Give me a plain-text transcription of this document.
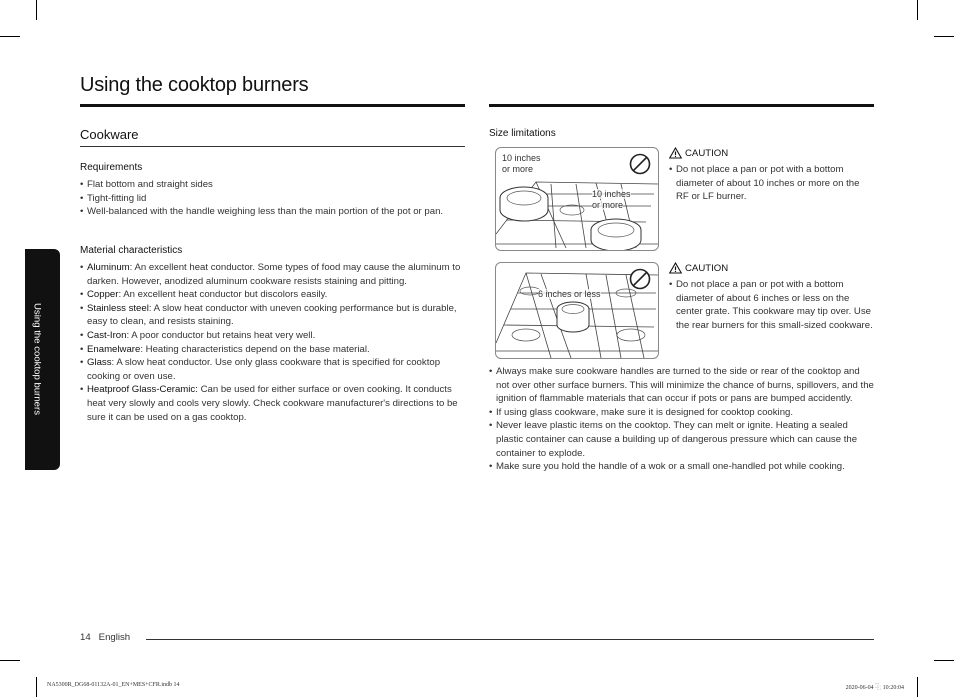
Using the cooktop burners
Using the cooktop burners
Cookware
Requirements
• Flat bottom and straight sides
• Tight-fitting lid
• Well-balanced with the handle weighing less than the main portion of the pot or pan.
Material characteristics
• Aluminum: An excellent heat conductor. Some types of food may cause the aluminum to darken. However, anodized aluminum cookware resists staining and pitting.
• Copper: An excellent heat conductor but discolors easily.
• Stainless steel: A slow heat conductor with uneven cooking performance but is durable, easy to clean, and resists staining.
• Cast-Iron: A poor conductor but retains heat very well.
• Enamelware: Heating characteristics depend on the base material.
• Glass: A slow heat conductor. Use only glass cookware that is specified for cooktop cooking or oven use.
• Heatproof Glass-Ceramic: Can be used for either surface or oven cooking. It conducts heat very slowly and cools very slowly. Check cookware manufacturer's directions to be sure it can be used on a gas cooktop.
Size limitations
10 inches
or more
10 inches
or more
CAUTION
• Do not place a pan or pot with a bottom diameter of about 10 inches or more on the RF or LF burner.
6 inches or less
CAUTION
• Do not place a pan or pot with a bottom diameter of about 6 inches or less on the center grate. This cookware may tip over. Use the rear burners for this small-sized cookware.
• Always make sure cookware handles are turned to the side or rear of the cooktop and not over other surface burners. This will minimize the chance of burns, spillovers, and the ignition of flammable materials that can occur if pots or pans are bumped accidently.
• If using glass cookware, make sure it is designed for cooktop cooking.
• Never leave plastic items on the cooktop. They can melt or ignite. Heating a sealed plastic container can cause a building up of dangerous pressure which can cause the container to explode.
• Make sure you hold the handle of a wok or a small one-handled pot while cooking.
14 English
NA5300R_DG68-01132A-01_EN+MES+CFR.indb 14	2020-06-04 ⿻ 10:20:04
